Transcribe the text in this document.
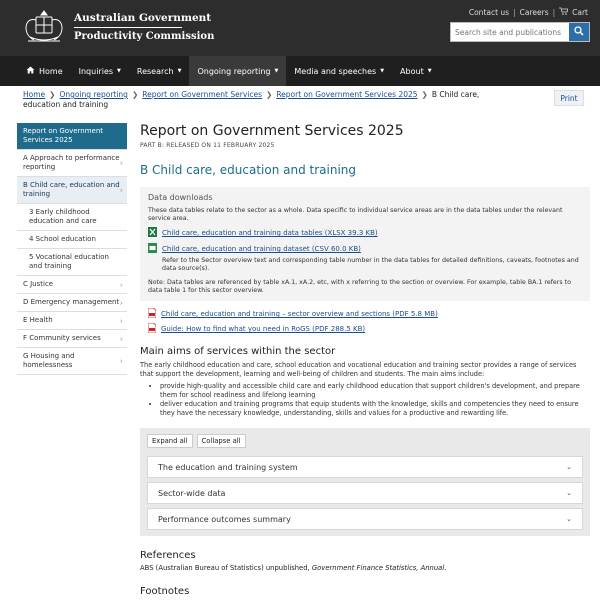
Australian Government
Productivity Commission
Contact us | Careers | Cart
Search site and publications
Home Inquiries ▼ Research ▼ Ongoing reporting ▼ Media and speeches ▼ About ▼
Home ❯ Ongoing reporting ❯ Report on Government Services ❯ Report on Government Services 2025 ❯ B Child care, education and training
Print
Report on Government Services 2025
A Approach to performance reporting	›
B Child care, education and training	›
3 Early childhood education and care
4 School education
5 Vocational education and training
C Justice	›
D Emergency management ›
E Health	›
F Community services ›
G Housing and homelessness	›
Report on Government Services 2025
PART B: RELEASED ON 11 FEBRUARY 2025
B Child care, education and training
Data downloads
These data tables relate to the sector as a whole. Data specific to individual service areas are in the data tables under the relevant service area.
Child care, education and training data tables (XLSX 39.3 KB)
Child care, education and training dataset (CSV 60.0 KB)
Refer to the Sector overview text and corresponding table number in the data tables for detailed definitions, caveats, footnotes and data source(s).
Note: Data tables are referenced by table xA.1, xA.2, etc, with x referring to the section or overview. For example, table BA.1 refers to data table 1 for this sector overview.
Child care, education and training – sector overview and sections (PDF 5.8 MB)
Guide: How to find what you need in RoGS (PDF 288.5 KB)
Main aims of services within the sector
The early childhood education and care, school education and vocational education and training sector provides a range of services that support the development, learning and well-being of children and students. The main aims include:
• provide high-quality and accessible child care and early childhood education that support children's development, and prepare them for school readiness and lifelong learning
• deliver education and training programs that equip students with the knowledge, skills and competencies they need to ensure they have the necessary knowledge, understanding, skills and values for a productive and rewarding life.
Expand all	Collapse all
The education and training system	⌄
Sector-wide data	⌄
Performance outcomes summary	⌄
References
ABS (Australian Bureau of Statistics) unpublished, Government Finance Statistics, Annual.
Footnotes
